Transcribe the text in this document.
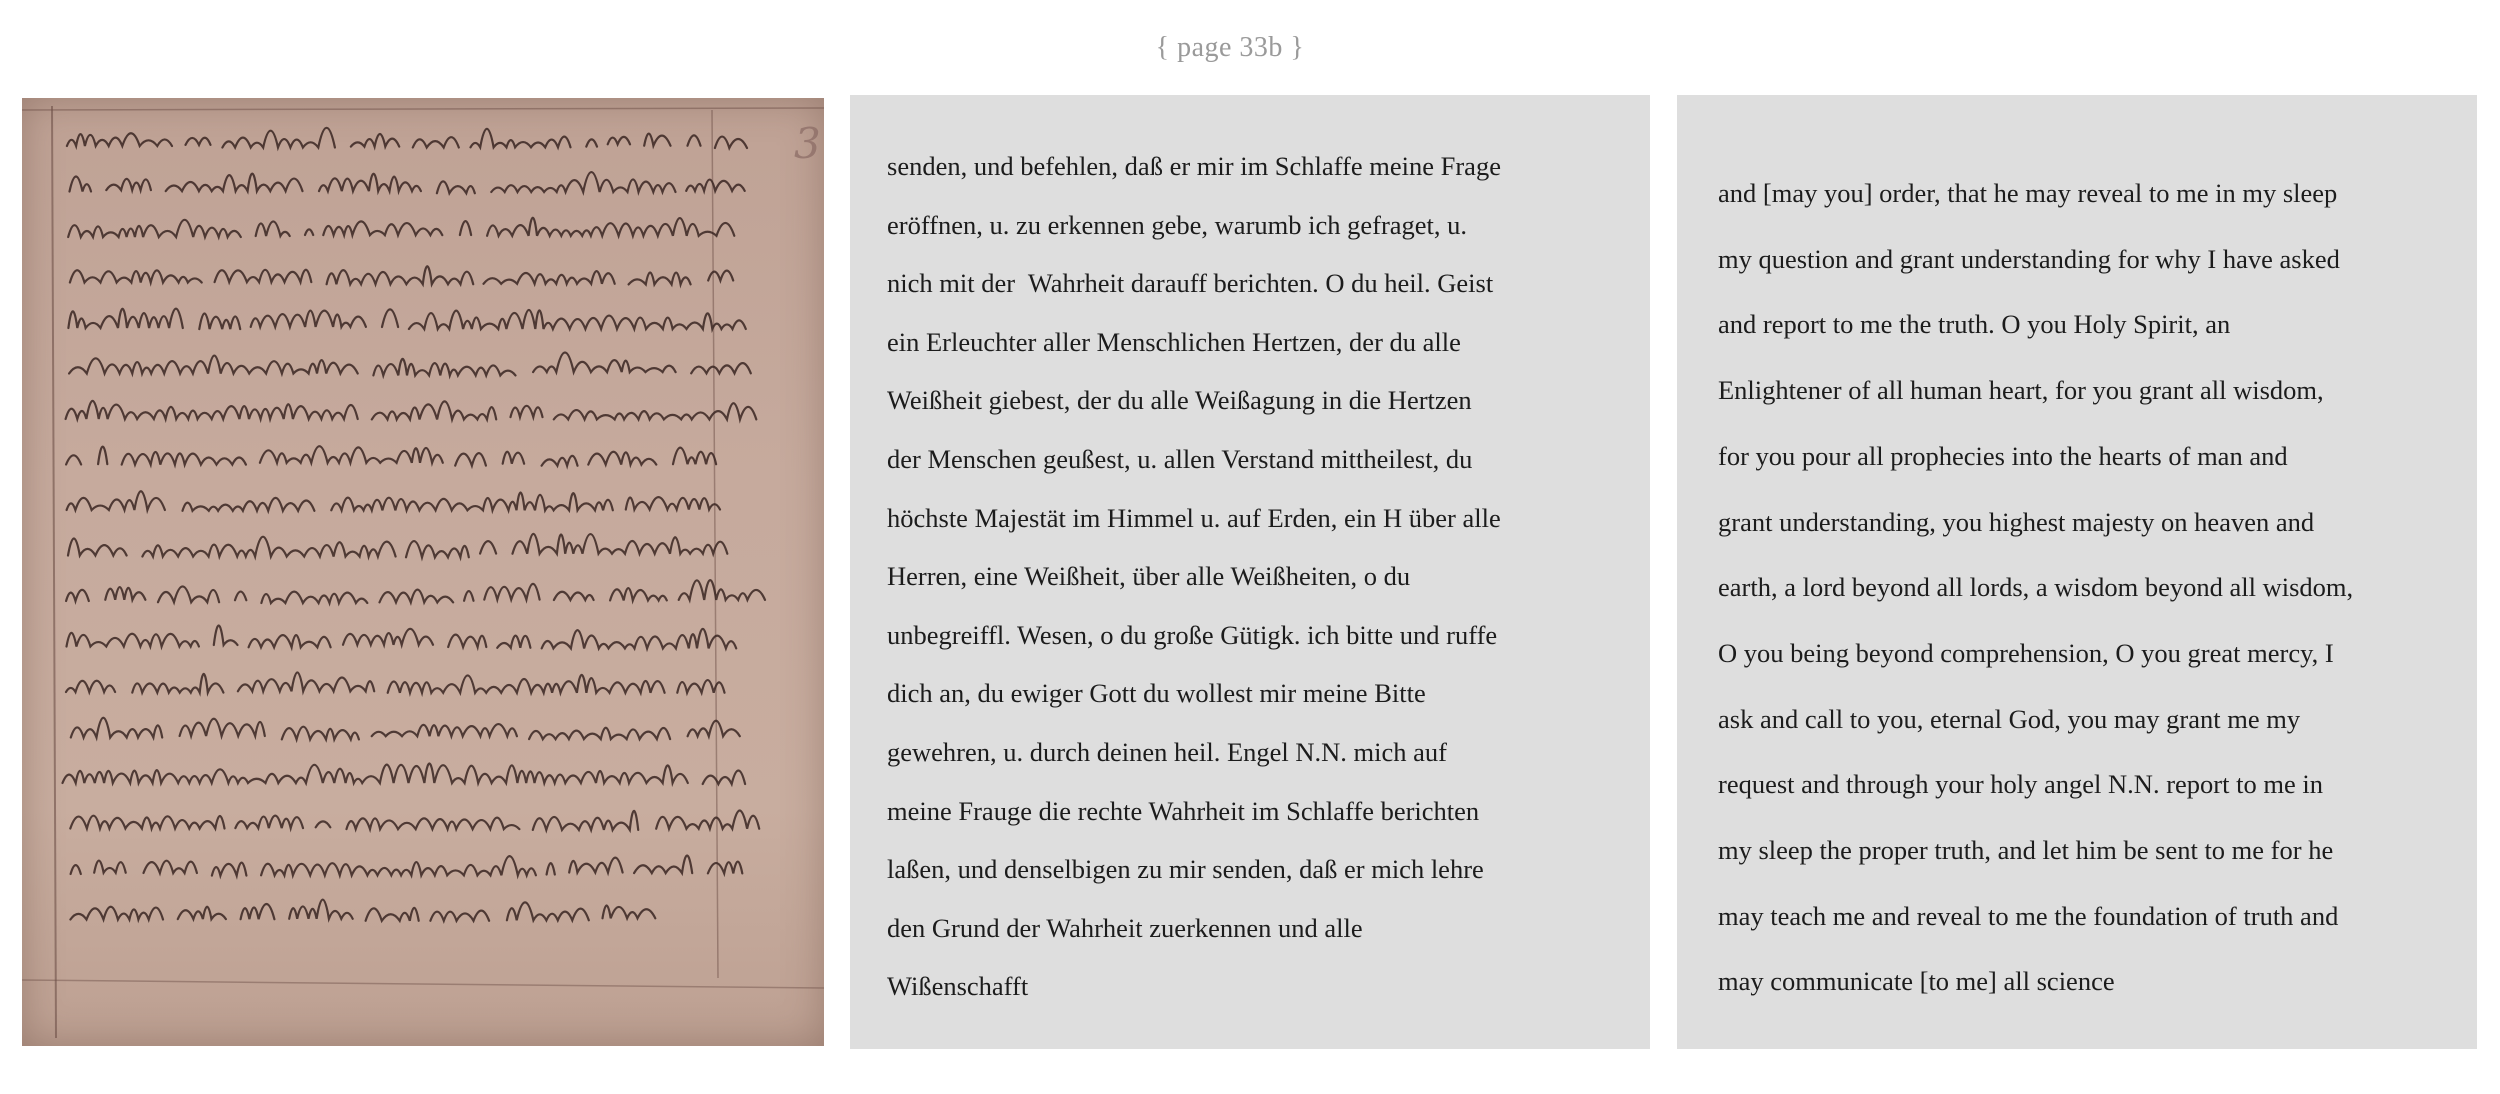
{ page 33b }
3	senden, und befehlen, daß er mir im Schlaffe meine Frage
eröffnen, u. zu erkennen gebe, warumb ich gefraget, u.
nich mit der  Wahrheit darauff berichten. O du heil. Geist
ein Erleuchter aller Menschlichen Hertzen, der du alle
Weißheit giebest, der du alle Weißagung in die Hertzen
der Menschen geußest, u. allen Verstand mittheilest, du
höchste Majestät im Himmel u. auf Erden, ein H über alle
Herren, eine Weißheit, über alle Weißheiten, o du
unbegreiffl. Wesen, o du große Gütigk. ich bitte und ruffe
dich an, du ewiger Gott du wollest mir meine Bitte
gewehren, u. durch deinen heil. Engel N.N. mich auf
meine Frauge die rechte Wahrheit im Schlaffe berichten
laßen, und denselbigen zu mir senden, daß er mich lehre
den Grund der Wahrheit zuerkennen und alle
Wißenschafft
and [may you] order, that he may reveal to me in my sleep
my question and grant understanding for why I have asked
and report to me the truth. O you Holy Spirit, an
Enlightener of all human heart, for you grant all wisdom,
for you pour all prophecies into the hearts of man and
grant understanding, you highest majesty on heaven and
earth, a lord beyond all lords, a wisdom beyond all wisdom,
O you being beyond comprehension, O you great mercy, I
ask and call to you, eternal God, you may grant me my
request and through your holy angel N.N. report to me in
my sleep the proper truth, and let him be sent to me for he
may teach me and reveal to me the foundation of truth and
may communicate [to me] all science
